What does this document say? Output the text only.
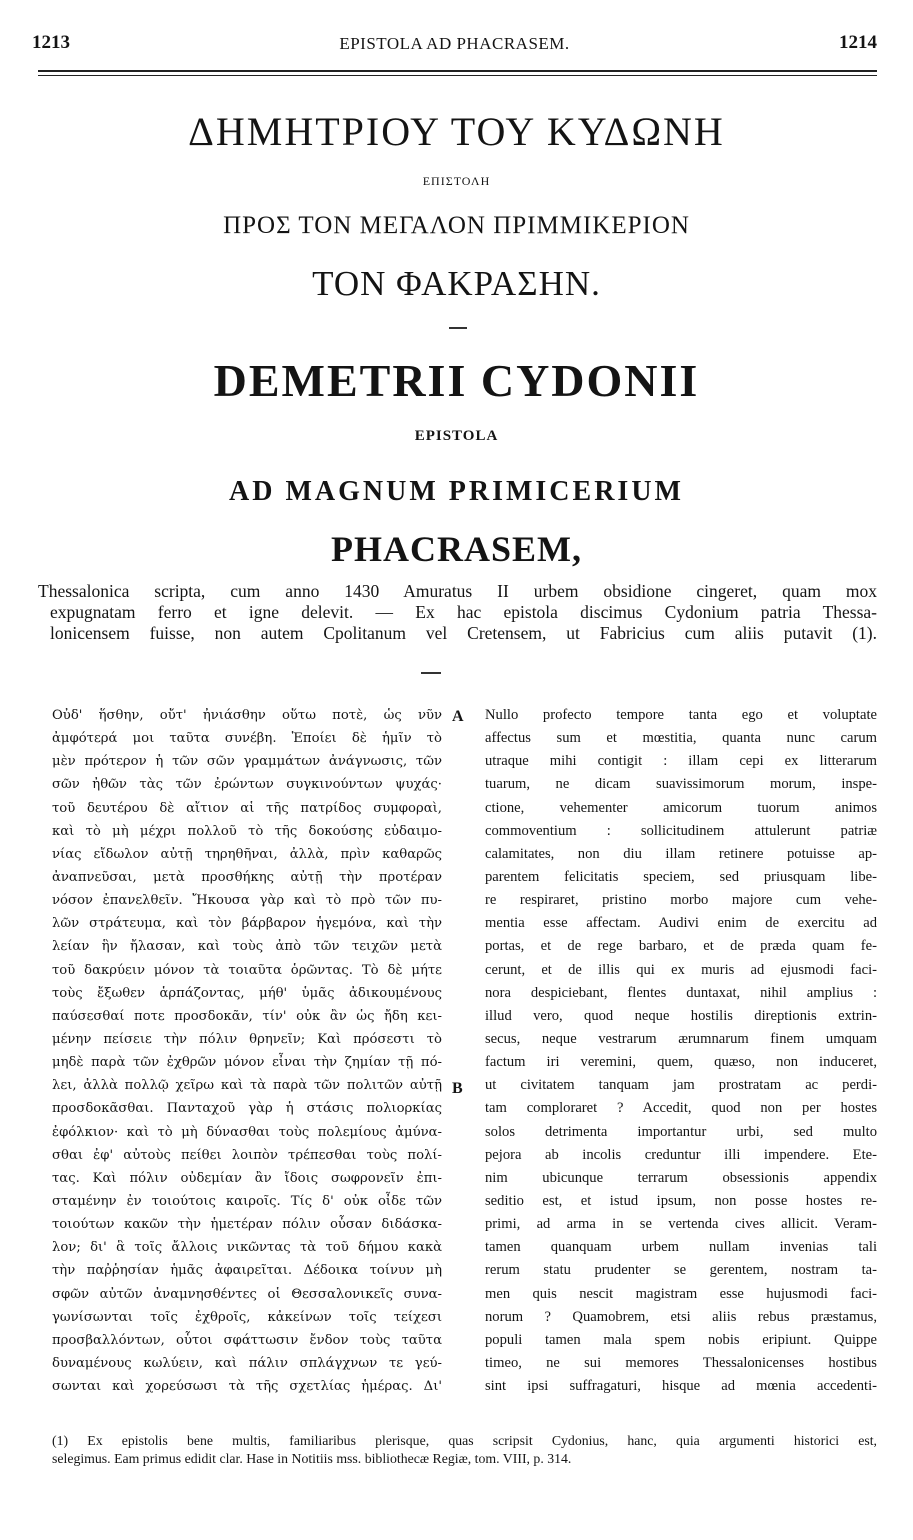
1213	EPISTOLA AD PHACRASEM.	1214
ΔΗΜΗΤΡΙΟΥ ΤΟΥ ΚΥΔΩΝΗ
ΕΠΙΣΤΟΛΗ
ΠΡΟΣ ΤΟΝ ΜΕΓΑΛΟΝ ΠΡΙΜΜΙΚΕΡΙΟΝ
ΤΟΝ ΦΑΚΡΑΣΗΝ.
DEMETRII CYDONII
EPISTOLA
AD MAGNUM PRIMICERIUM
PHACRASEM,
Thessalonica scripta, cum anno 1430 Amuratus II urbem obsidione cingeret, quam mox
expugnatam ferro et igne delevit. — Ex hac epistola discimus Cydonium patria Thessa-
lonicensem fuisse, non autem Cpolitanum vel Cretensem, ut Fabricius cum aliis putavit (1).
Οὐδ' ἥσθην, οὔτ' ἠνιάσθην οὕτω ποτὲ, ὡς νῦν
ἀμφότερά μοι ταῦτα συνέβη. Ἐποίει δὲ ἡμῖν τὸ
μὲν πρότερον ἡ τῶν σῶν γραμμάτων ἀνάγνωσις, τῶν
σῶν ἠθῶν τὰς τῶν ἐρώντων συγκινούντων ψυχάς·
τοῦ δευτέρου δὲ αἴτιον αἱ τῆς πατρίδος συμφοραὶ,
καὶ τὸ μὴ μέχρι πολλοῦ τὸ τῆς δοκούσης εὐδαιμο-
νίας εἴδωλον αὐτῇ τηρηθῆναι, ἀλλὰ, πρὶν καθαρῶς
ἀναπνεῦσαι, μετὰ προσθήκης αὐτῇ τὴν προτέραν
νόσον ἐπανελθεῖν. Ἤκουσα γὰρ καὶ τὸ πρὸ τῶν πυ-
λῶν στράτευμα, καὶ τὸν βάρβαρον ἡγεμόνα, καὶ τὴν
λείαν ἣν ἤλασαν, καὶ τοὺς ἀπὸ τῶν τειχῶν μετὰ
τοῦ δακρύειν μόνον τὰ τοιαῦτα ὁρῶντας. Τὸ δὲ μήτε
τοὺς ἔξωθεν ἁρπάζοντας, μήθ' ὑμᾶς ἀδικουμένους
παύσεσθαί ποτε προσδοκᾶν, τίν' οὐκ ἂν ὡς ἤδη κει-
μένην πείσειε τὴν πόλιν θρηνεῖν; Καὶ πρόσεστι τὸ
μηδὲ παρὰ τῶν ἐχθρῶν μόνον εἶναι τὴν ζημίαν τῇ πό-
λει, ἀλλὰ πολλῷ χεῖρω καὶ τὰ παρὰ τῶν πολιτῶν αὐτῇ
προσδοκᾶσθαι. Πανταχοῦ γὰρ ἡ στάσις πολιορκίας
ἐφόλκιον· καὶ τὸ μὴ δύνασθαι τοὺς πολεμίους ἀμύνα-
σθαι ἐφ' αὐτοὺς πείθει λοιπὸν τρέπεσθαι τοὺς πολί-
τας. Καὶ πόλιν οὐδεμίαν ἂν ἴδοις σωφρονεῖν ἐπι-
σταμένην ἐν τοιούτοις καιροῖς. Τίς δ' οὐκ οἶδε τῶν
τοιούτων κακῶν τὴν ἡμετέραν πόλιν οὖσαν διδάσκα-
λον; δι' ἃ τοῖς ἄλλοις νικῶντας τὰ τοῦ δήμου κακὰ
τὴν παῤῥησίαν ἡμᾶς ἀφαιρεῖται. Δέδοικα τοίνυν μὴ
σφῶν αὐτῶν ἀναμνησθέντες οἱ Θεσσαλονικεῖς συνα-
γωνίσωνται τοῖς ἐχθροῖς, κἀκείνων τοῖς τείχεσι
προσβαλλόντων, οὗτοι σφάττωσιν ἔνδον τοὺς ταῦτα
δυναμένους κωλύειν, καὶ πάλιν σπλάγχνων τε γεύ-
σωνται καὶ χορεύσωσι τὰ τῆς σχετλίας ἡμέρας. Δι'
Nullo profecto tempore tanta ego et voluptate
affectus sum et mœstitia, quanta nunc carum
utraque mihi contigit : illam cepi ex litterarum
tuarum, ne dicam suavissimorum morum, inspe-
ctione, vehementer amicorum tuorum animos
commoventium : sollicitudinem attulerunt patriæ
calamitates, non diu illam retinere potuisse ap-
parentem felicitatis speciem, sed priusquam libe-
re respiraret, pristino morbo majore cum vehe-
mentia esse affectam. Audivi enim de exercitu ad
portas, et de rege barbaro, et de præda quam fe-
cerunt, et de illis qui ex muris ad ejusmodi faci-
nora despiciebant, flentes duntaxat, nihil amplius :
illud vero, quod neque hostilis direptionis extrin-
secus, neque vestrarum ærumnarum finem umquam
factum iri veremini, quem, quæso, non induceret,
ut civitatem tanquam jam prostratam ac perdi-
tam comploraret ? Accedit, quod non per hostes
solos detrimenta importantur urbi, sed multo
pejora ab incolis creduntur illi impendere. Ete-
nim ubicunque terrarum obsessionis appendix
seditio est, et istud ipsum, non posse hostes re-
primi, ad arma in se vertenda cives allicit. Veram-
tamen quanquam urbem nullam invenias tali
rerum statu prudenter se gerentem, nostram ta-
men quis nescit magistram esse hujusmodi faci-
norum ? Quamobrem, etsi aliis rebus præstamus,
populi tamen mala spem nobis eripiunt. Quippe
timeo, ne sui memores Thessalonicenses hostibus
sint ipsi suffragaturi, hisque ad mœnia accedenti-
A
B
(1) Ex epistolis bene multis, familiaribus plerisque, quas scripsit Cydonius, hanc, quia argumenti historici est,
selegimus. Eam primus edidit clar. Hase in Notitiis mss. bibliothecæ Regiæ, tom. VIII, p. 314.
